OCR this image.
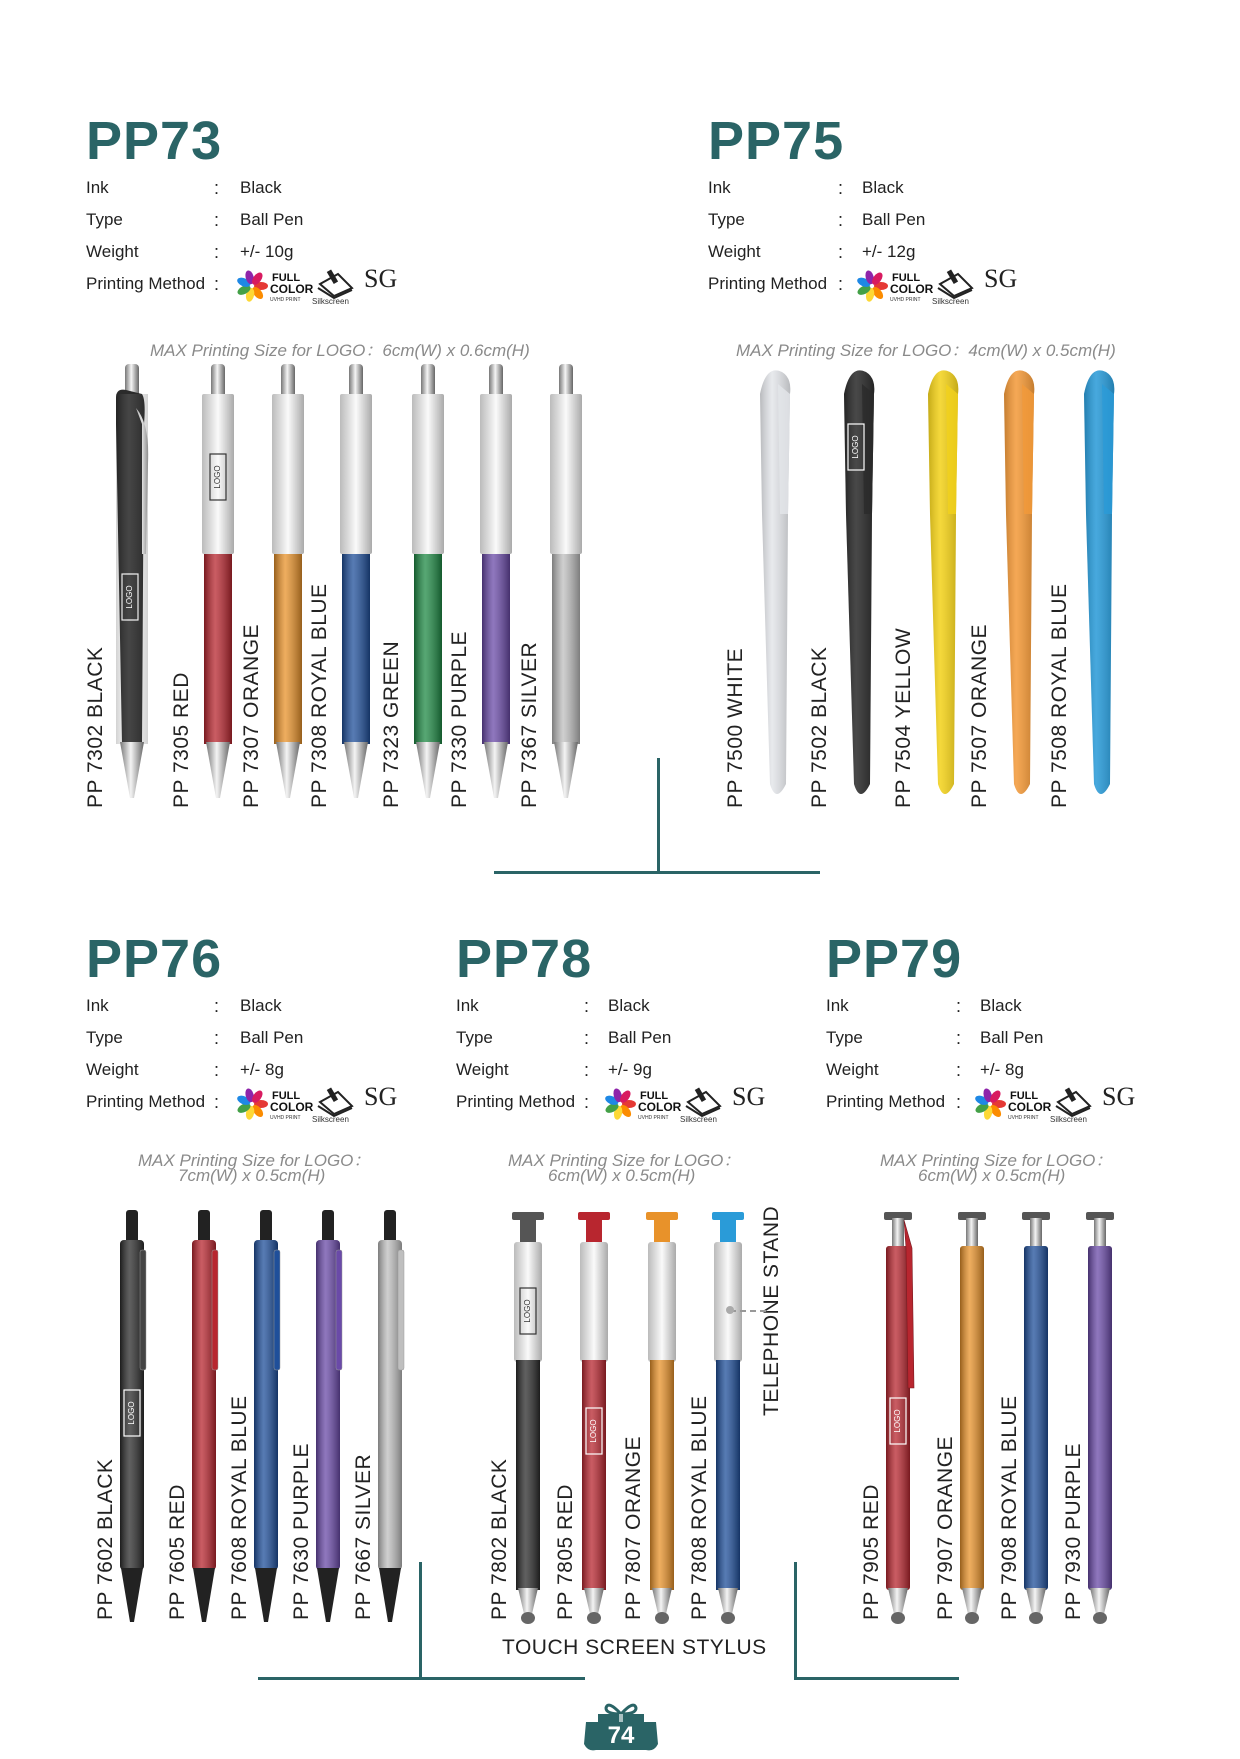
PP73
Ink	: Black
Type	: Ball Pen
Weight	: +/- 10g
Printing Method :	FULL
COLOR
UVHD PRINT Silkscreen
SG
MAX Printing Size for LOGO：6cm(W) x 0.6cm(H)
PP 7302 BLACK
LOGO
PP 7305 RED PP 7307 ORANGE PP 7308 ROYAL BLUE PP 7323 GREEN PP 7330 PURPLE PP 7367 SILVER
PP75
Ink	: Black
Type	: Ball Pen
Weight	: +/- 12g
Printing Method :	FULL
COLOR
UVHD PRINT Silkscreen
SG
MAX Printing Size for LOGO：4cm(W) x 0.5cm(H)
PP 7500 WHITE
LOGO
PP 7502 BLACK	PP 7504 YELLOW	PP 7507 ORANGE	PP 7508 ROYAL BLUE
PP76
Ink	: Black
Type	: Ball Pen
Weight	: +/- 8g
Printing Method :	FULL
COLOR
UVHD PRINT Silkscreen
SG
MAX Printing Size for LOGO：
7cm(W) x 0.5cm(H)
LOGO
PP 7602 BLACK PP 7605 RED PP 7608 ROYAL BLUE PP 7630 PURPLE PP 7667 SILVER
PP78
Ink	: Black
Type	: Ball Pen
Weight	: +/- 9g
Printing Method :	FULL
COLOR
UVHD PRINT Silkscreen
SG
MAX Printing Size for LOGO：
6cm(W) x 0.5cm(H)
LOGO
PP 7802 BLACK
LOGO
PP 7805 RED PP 7807 ORANGE PP 7808 ROYAL BLUE
TELEPHONE STAND
PP79
Ink	: Black
Type	: Ball Pen
Weight	: +/- 8g
Printing Method :	FULL
COLOR
UVHD PRINT Silkscreen
SG
MAX Printing Size for LOGO：
6cm(W) x 0.5cm(H)
LOGO
PP 7905 RED PP 7907 ORANGE PP 7908 ROYAL BLUE PP 7930 PURPLE
TOUCH SCREEN STYLUS
74
